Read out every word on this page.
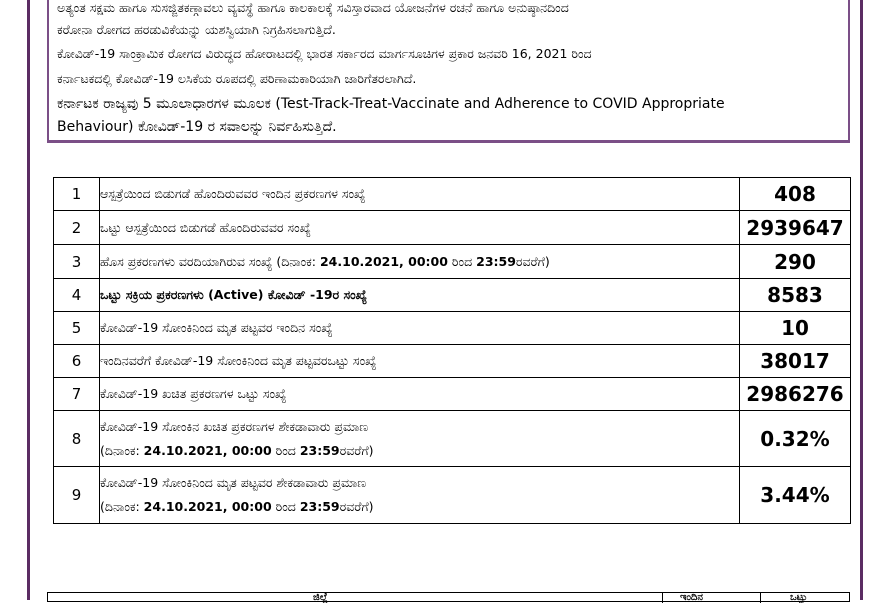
ಅತ್ಯಂತ ಸಕ್ಷಮ ಹಾಗೂ ಸುಸಜ್ಜಿತಕಣ್ಗಾವಲು ವ್ಯವಸ್ಥೆ ಹಾಗೂ ಕಾಲಕಾಲಕ್ಕೆ ಸವಿಸ್ತಾರವಾದ ಯೋಜನೆಗಳ ರಚನೆ ಹಾಗೂ ಅನುಷ್ಠಾನದಿಂದ
ಕರೋನಾ ರೋಗದ ಹರಡುವಿಕೆಯನ್ನು ಯಶಸ್ವಿಯಾಗಿ ನಿಗ್ರಹಿಸಲಾಗುತ್ತಿದೆ.
ಕೋವಿಡ್-19 ಸಾಂಕ್ರಾಮಿಕ ರೋಗದ ವಿರುದ್ಧದ ಹೋರಾಟದಲ್ಲಿ ಭಾರತ ಸರ್ಕಾರದ ಮಾರ್ಗಸೂಚಿಗಳ ಪ್ರಕಾರ ಜನವರಿ 16, 2021 ರಿಂದ
ಕರ್ನಾಟಕದಲ್ಲಿ ಕೋವಿಡ್-19 ಲಸಿಕೆಯ ರೂಪದಲ್ಲಿ ಪರಿಣಾಮಕಾರಿಯಾಗಿ ಜಾರಿಗೆತರಲಾಗಿದೆ.
ಕರ್ನಾಟಕ ರಾಜ್ಯವು 5 ಮೂಲಾಧಾರಗಳ ಮೂಲಕ (Test-Track-Treat-Vaccinate and Adherence to COVID Appropriate
Behaviour) ಕೋವಿಡ್-19 ರ ಸವಾಲನ್ನು ನಿರ್ವಹಿಸುತ್ತಿದೆ.
1	ಆಸ್ಪತ್ರೆಯಿಂದ ಬಿಡುಗಡೆ ಹೊಂದಿರುವವರ ಇಂದಿನ ಪ್ರಕರಣಗಳ ಸಂಖ್ಯೆ	408
2	ಒಟ್ಟು ಆಸ್ಪತ್ರೆಯಿಂದ ಬಿಡುಗಡೆ ಹೊಂದಿರುವವರ ಸಂಖ್ಯೆ	2939647
3	ಹೊಸ ಪ್ರಕರಣಗಳು ವರದಿಯಾಗಿರುವ ಸಂಖ್ಯೆ (ದಿನಾಂಕ: 24.10.2021, 00:00 ರಿಂದ 23:59ರವರೆಗೆ)	290
4	ಒಟ್ಟು ಸಕ್ರಿಯ ಪ್ರಕರಣಗಳು (Active) ಕೋವಿಡ್ -19ರ ಸಂಖ್ಯೆ	8583
5	ಕೋವಿಡ್-19 ಸೋಂಕಿನಿಂದ ಮೃತ ಪಟ್ಟವರ ಇಂದಿನ ಸಂಖ್ಯೆ	10
6	ಇಂದಿನವರೆಗೆ ಕೋವಿಡ್-19 ಸೋಂಕಿನಿಂದ ಮೃತ ಪಟ್ಟವರಒಟ್ಟು ಸಂಖ್ಯೆ	38017
7	ಕೋವಿಡ್-19 ಖಚಿತ ಪ್ರಕರಣಗಳ ಒಟ್ಟು ಸಂಖ್ಯೆ	2986276
8	ಕೋವಿಡ್-19 ಸೋಂಕಿನ ಖಚಿತ ಪ್ರಕರಣಗಳ ಶೇಕಡಾವಾರು ಪ್ರಮಾಣ
(ದಿನಾಂಕ: 24.10.2021, 00:00 ರಿಂದ 23:59ರವರೆಗೆ)	0.32%
9	ಕೋವಿಡ್-19 ಸೋಂಕಿನಿಂದ ಮೃತ ಪಟ್ಟವರ ಶೇಕಡಾವಾರು ಪ್ರಮಾಣ
(ದಿನಾಂಕ: 24.10.2021, 00:00 ರಿಂದ 23:59ರವರೆಗೆ)	3.44%
ಜಿಲ್ಲೆ	ಇಂದಿನ	ಒಟ್ಟು
